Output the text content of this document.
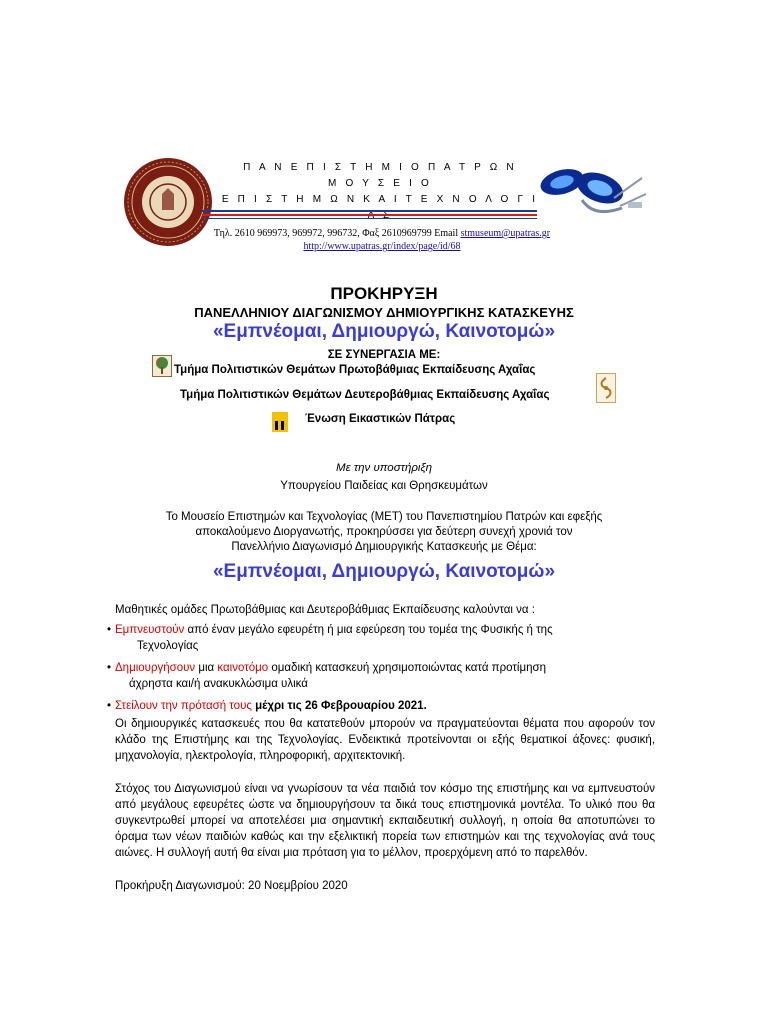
Π Α Ν Ε Π Ι Σ Τ Η Μ Ι Ο Π Α Τ Ρ Ω Ν
Μ Ο Υ Σ Ε Ι Ο
Ε Π Ι Σ Τ Η Μ Ω Ν Κ Α Ι Τ Ε Χ Ν Ο Λ Ο Γ Ι
Τηλ. 2610 969973, 969972, 996732, Φαξ 2610969799 Email stmuseum@upatras.gr
http://www.upatras.gr/index/page/id/68
ΠΡΟΚΗΡΥΞΗ
ΠΑΝΕΛΛΗΝΙΟΥ ΔΙΑΓΩΝΙΣΜΟΥ ΔΗΜΙΟΥΡΓΙΚΗΣ ΚΑΤΑΣΚΕΥΗΣ
«Εμπνέομαι, Δημιουργώ, Καινοτομώ»
ΣΕ ΣΥΝΕΡΓΑΣΙΑ ΜΕ:
Τμήμα Πολιτιστικών Θεμάτων Πρωτοβάθμιας Εκπαίδευσης Αχαΐας
Τμήμα Πολιτιστικών Θεμάτων Δευτεροβάθμιας Εκπαίδευσης Αχαΐας
Ένωση Εικαστικών Πάτρας
Με την υποστήριξη
Υπουργείου Παιδείας και Θρησκευμάτων
Το Μουσείο Επιστημών και Τεχνολογίας (ΜΕΤ) του Πανεπιστημίου Πατρών και εφεξής
αποκαλούμενο Διοργανωτής, προκηρύσσει για δεύτερη συνεχή χρονιά τον
Πανελλήνιο Διαγωνισμό Δημιουργικής Κατασκευής με Θέμα:
«Εμπνέομαι, Δημιουργώ, Καινοτομώ»
Μαθητικές ομάδες Πρωτοβάθμιας και Δευτεροβάθμιας Εκπαίδευσης καλούνται να :
• Εμπνευστούν από έναν μεγάλο εφευρέτη ή μια εφεύρεση του τομέα της Φυσικής ή της
Τεχνολογίας
• Δημιουργήσουν μια καινοτόμο ομαδική κατασκευή χρησιμοποιώντας κατά προτίμηση
άχρηστα και/ή ανακυκλώσιμα υλικά
• Στείλουν την πρότασή τους μέχρι τις 26 Φεβρουαρίου 2021.
Οι δημιουργικές κατασκευές που θα κατατεθούν μπορούν να πραγματεύονται θέματα που αφορούν τον κλάδο της Επιστήμης και της Τεχνολογίας. Ενδεικτικά προτείνονται οι εξής θεματικοί άξονες: φυσική, μηχανολογία, ηλεκτρολογία, πληροφορική, αρχιτεκτονική.
Στόχος του Διαγωνισμού είναι να γνωρίσουν τα νέα παιδιά τον κόσμο της επιστήμης και να εμπνευστούν από μεγάλους εφευρέτες ώστε να δημιουργήσουν τα δικά τους επιστημονικά μοντέλα. Το υλικό που θα συγκεντρωθεί μπορεί να αποτελέσει μια σημαντική εκπαιδευτική συλλογή, η οποία θα αποτυπώνει το όραμα των νέων παιδιών καθώς και την εξελικτική πορεία των επιστημών και της τεχνολογίας ανά τους αιώνες. Η συλλογή αυτή θα είναι μια πρόταση για το μέλλον, προερχόμενη από το παρελθόν.
Προκήρυξη Διαγωνισμού: 20 Νοεμβρίου 2020
